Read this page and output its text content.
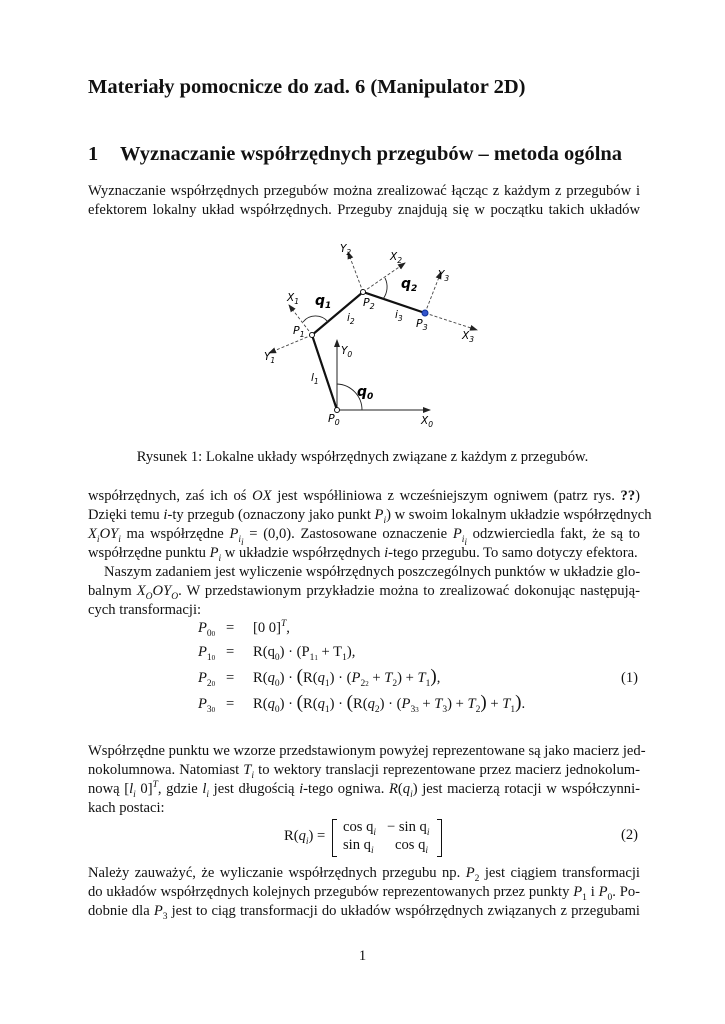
Materiały pomocnicze do zad. 6 (Manipulator 2D)
1 Wyznaczanie współrzędnych przegubów – metoda ogólna
Wyznaczanie współrzędnych przegubów można zrealizować łącząc z każdym z przegubów i
efektorem lokalny układ współrzędnych. Przeguby znajdują się w początku takich układów
$Y_2$	$X_2$
$Y_3$
$X_1$ $q_1$
$q_2$
$P_2$
$i_2$
$i_3$ $P_3$
$X_3$
$P_1$
$Y_1$
$Y_0$
$l_1$
$q_0$
$P_0$	$X_0$
Rysunek 1: Lokalne układy współrzędnych związane z każdym z przegubów.
współrzędnych, zaś ich oś OX jest współliniowa z wcześniejszym ogniwem (patrz rys. ??)
Dzięki temu i-ty przegub (oznaczony jako punkt $P_i$) w swoim lokalnym układzie współrzędnych
$X_iOY_i$ ma współrzędne $P_{i_i} = (0,0)$. Zastosowane oznaczenie $P_{i_i}$ odzwierciedla fakt, że są to
współrzędne punktu $P_i$ w układzie współrzędnych i-tego przegubu. To samo dotyczy efektora.
Naszym zadaniem jest wyliczenie współrzędnych poszczególnych punktów w układzie glo-
balnym $X_OOY_O$. W przedstawionym przykładzie można to zrealizować dokonując następują-
cych transformacji:
$P_{00} = [0$ 0]$^T$,
$P_{10} = R(q_0) \cdot (P_{11} + T_1)$,
$P_{20} = R(q_0) \cdot (R(q_1) \cdot (P_{22} + T_2) + T_1)$,
$P_{30} = R(q_0) \cdot (R(q_1) \cdot (R(q_2) \cdot (P_{33} + T_3) + T_2) + T_1)$.
(1)
Współrzędne punktu we wzorze przedstawionym powyżej reprezentowane są jako macierz jed-
nokolumnowa. Natomiast $T_i$ to wektory translacji reprezentowane przez macierz jednokolum-
nową [$l_i$ 0]$^T$, gdzie $l_i$ jest długością i-tego ogniwa. $R(q_i)$ jest macierzą rotacji w współczynni-
kach postaci:
$R(q_i)$ =
$\cos q_i - \sin q_i$
$\sin q_i$ $\cos q_i$
(2)
Należy zauważyć, że wyliczanie współrzędnych przegubu np. $P_2$ jest ciągiem transformacji
do układów współrzędnych kolejnych przegubów reprezentowanych przez punkty $P_1$ i $P_0$. Po-
dobnie dla $P_3$ jest to ciąg transformacji do układów współrzędnych związanych z przegubami
1
